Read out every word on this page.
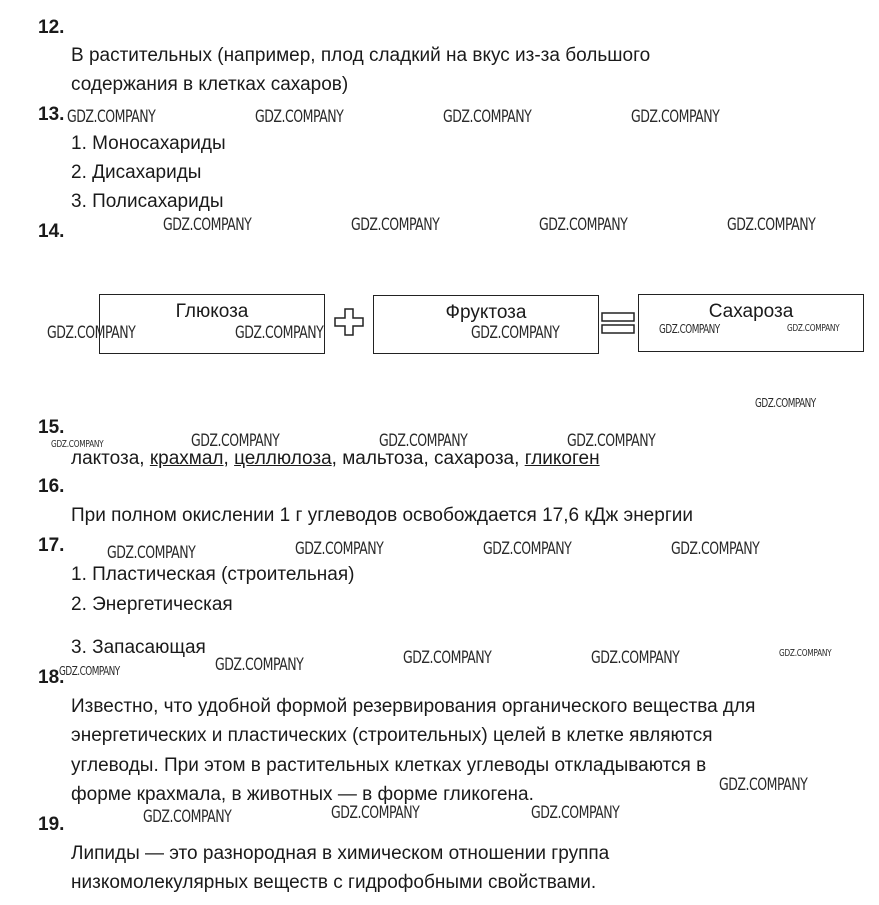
12.
В растительных (например, плод сладкий на вкус из-за большого
содержания в клетках сахаров)
13.
1. Моносахариды
2. Дисахариды
3. Полисахариды
14.
Глюкоза	Фруктоза	Сахароза
15.
лактоза, крахмал, целлюлоза, мальтоза, сахароза, гликоген
16.
При полном окислении 1 г углеводов освобождается 17,6 кДж энергии
17.
1. Пластическая (строительная)
2. Энергетическая
3. Запасающая
18.
Известно, что удобной формой резервирования органического вещества для
энергетических и пластических (строительных) целей в клетке являются
углеводы. При этом в растительных клетках углеводы откладываются в
форме крахмала, в животных — в форме гликогена.
19.
Липиды — это разнородная в химическом отношении группа
низкомолекулярных веществ с гидрофобными свойствами.
GDZ.COMPANY	GDZ.COMPANY	GDZ.COMPANY	GDZ.COMPANY
GDZ.COMPANY	GDZ.COMPANY	GDZ.COMPANY	GDZ.COMPANY
GDZ.COMPANY	GDZ.COMPANY	GDZ.COMPANY	GDZ.COMPANY	GDZ.COMPANY
GDZ.COMPANY
GDZ.COMPANY	GDZ.COMPANY	GDZ.COMPANY	GDZ.COMPANY
GDZ.COMPANY	GDZ.COMPANY	GDZ.COMPANY	GDZ.COMPANY
GDZ.COMPANY	GDZ.COMPANY	GDZ.COMPANY	GDZ.COMPANY	GDZ.COMPANY
GDZ.COMPANY
GDZ.COMPANY	GDZ.COMPANY	GDZ.COMPANY
